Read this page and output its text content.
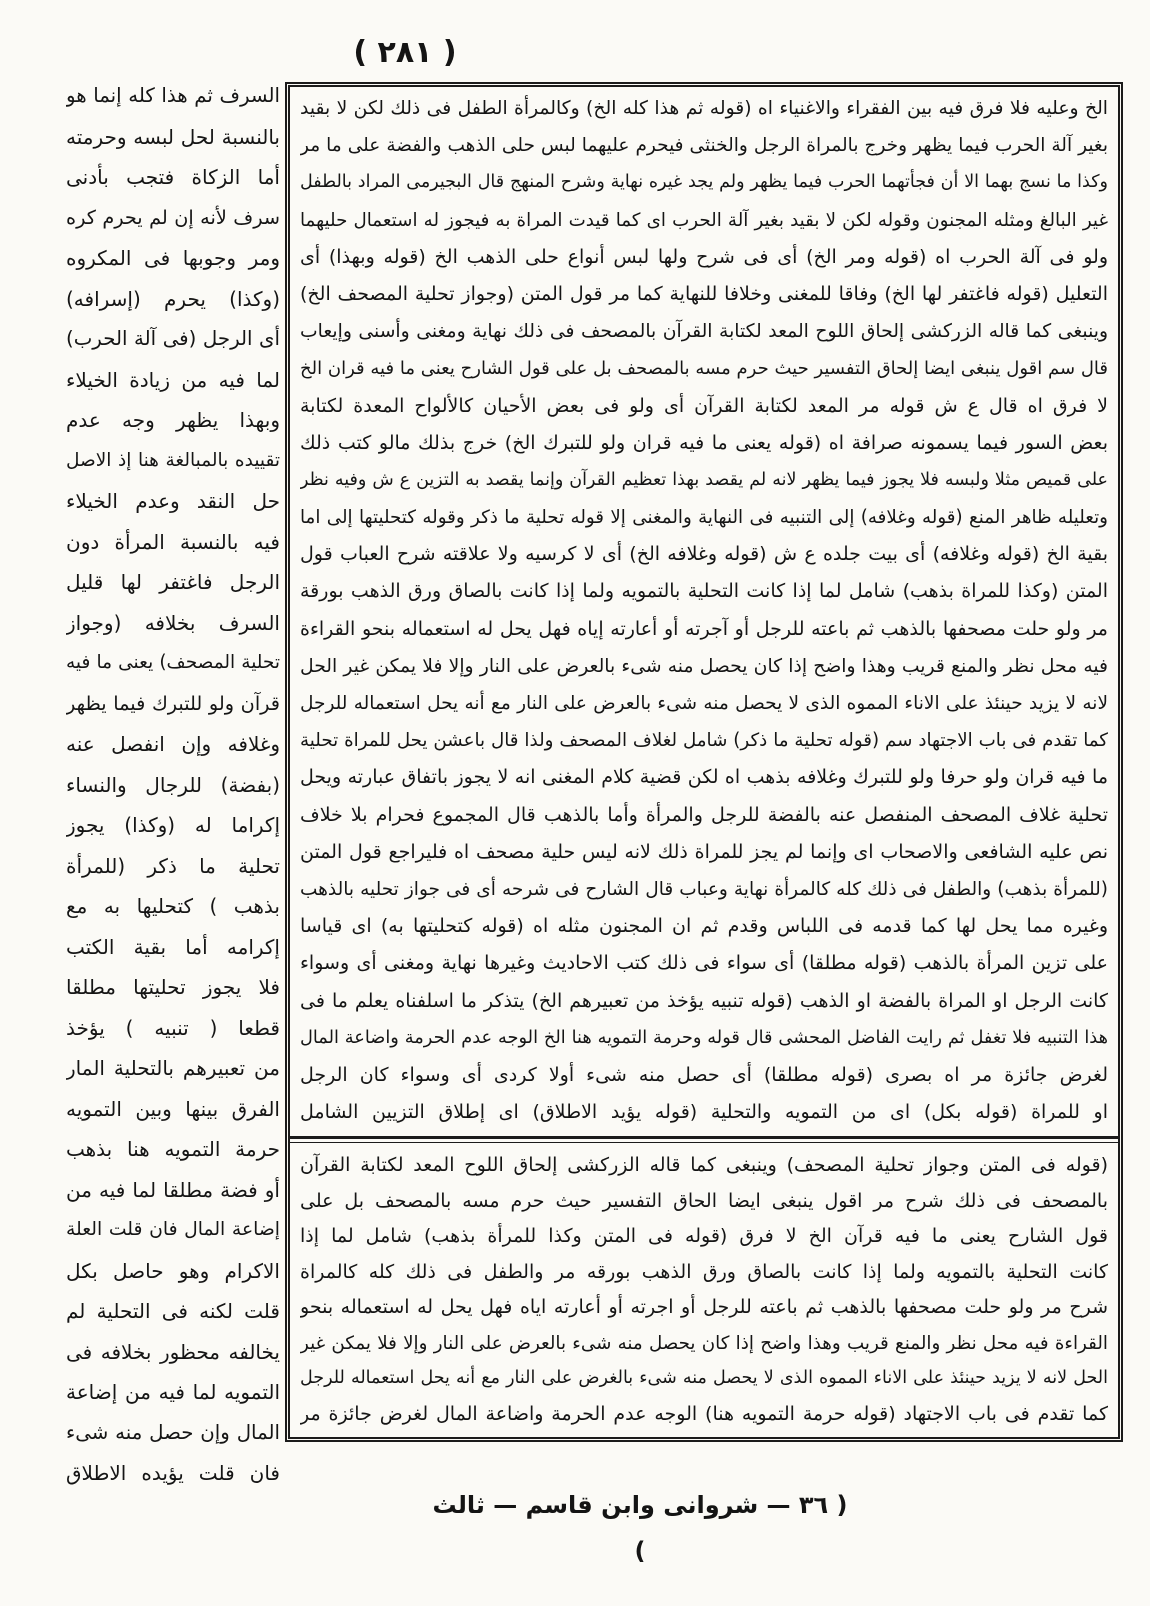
( ٢٨١ )
السرف ثم هذا كله إنما هو
بالنسبة لحل لبسه وحرمته
أما الزكاة فتجب بأدنى
سرف لأنه إن لم يحرم كره
ومر وجوبها فى المكروه
(وكذا) يحرم (إسرافه)
أى الرجل (فى آلة الحرب)
لما فيه من زيادة الخيلاء
وبهذا يظهر وجه عدم
تقييده بالمبالغة هنا إذ الاصل
حل النقد وعدم الخيلاء
فيه بالنسبة المرأة دون
الرجل فاغتفر لها قليل
السرف بخلافه (وجواز
تحلية المصحف) يعنى ما فيه
قرآن ولو للتبرك فيما يظهر
وغلافه وإن انفصل عنه
(بفضة) للرجال والنساء
إكراما له (وكذا) يجوز
تحلية ما ذكر (للمرأة
بذهب ) كتحليها به مع
إكرامه أما بقية الكتب
فلا يجوز تحليتها مطلقا
قطعا ( تنبيه ) يؤخذ
من تعبيرهم بالتحلية المار
الفرق بينها وبين التمويه
حرمة التمويه هنا بذهب
أو فضة مطلقا لما فيه من
إضاعة المال فان قلت العلة
الاكرام وهو حاصل بكل
قلت لكنه فى التحلية لم
يخالفه محظور بخلافه فى
التمويه لما فيه من إضاعة
المال وإن حصل منه شىء
فان قلت يؤيده الاطلاق
الخ وعليه فلا فرق فيه بين الفقراء والاغنياء اه (قوله ثم هذا كله الخ) وكالمرأة الطفل فى ذلك لكن لا بقيد
بغير آلة الحرب فيما يظهر وخرج بالمراة الرجل والخنثى فيحرم عليهما لبس حلى الذهب والفضة على ما مر
وكذا ما نسج بهما الا أن فجأتهما الحرب فيما يظهر ولم يجد غيره نهاية وشرح المنهج قال البجيرمى المراد بالطفل
غير البالغ ومثله المجنون وقوله لكن لا بقيد بغير آلة الحرب اى كما قيدت المراة به فيجوز له استعمال حليهما
ولو فى آلة الحرب اه (قوله ومر الخ) أى فى شرح ولها لبس أنواع حلى الذهب الخ (قوله وبهذا) أى
التعليل (قوله فاغتفر لها الخ) وفاقا للمغنى وخلافا للنهاية كما مر قول المتن (وجواز تحلية المصحف الخ)
وينبغى كما قاله الزركشى إلحاق اللوح المعد لكتابة القرآن بالمصحف فى ذلك نهاية ومغنى وأسنى وإيعاب
قال سم اقول ينبغى ايضا إلحاق التفسير حيث حرم مسه بالمصحف بل على قول الشارح يعنى ما فيه قران الخ
لا فرق اه قال ع ش قوله مر المعد لكتابة القرآن أى ولو فى بعض الأحيان كالألواح المعدة لكتابة
بعض السور فيما يسمونه صرافة اه (قوله يعنى ما فيه قران ولو للتبرك الخ) خرج بذلك مالو كتب ذلك
على قميص مثلا ولبسه فلا يجوز فيما يظهر لانه لم يقصد بهذا تعظيم القرآن وإنما يقصد به التزين ع ش وفيه نظر
وتعليله ظاهر المنع (قوله وغلافه) إلى التنبيه فى النهاية والمغنى إلا قوله تحلية ما ذكر وقوله كتحليتها إلى اما
بقية الخ (قوله وغلافه) أى بيت جلده ع ش (قوله وغلافه الخ) أى لا كرسيه ولا علاقته شرح العباب قول
المتن (وكذا للمراة بذهب) شامل لما إذا كانت التحلية بالتمويه ولما إذا كانت بالصاق ورق الذهب بورقة
مر ولو حلت مصحفها بالذهب ثم باعته للرجل أو آجرته أو أعارته إياه فهل يحل له استعماله بنحو القراءة
فيه محل نظر والمنع قريب وهذا واضح إذا كان يحصل منه شىء بالعرض على النار وإلا فلا يمكن غير الحل
لانه لا يزيد حينئذ على الاناء المموه الذى لا يحصل منه شىء بالعرض على النار مع أنه يحل استعماله للرجل
كما تقدم فى باب الاجتهاد سم (قوله تحلية ما ذكر) شامل لغلاف المصحف ولذا قال باعشن يحل للمراة تحلية
ما فيه قران ولو حرفا ولو للتبرك وغلافه بذهب اه لكن قضية كلام المغنى انه لا يجوز باتفاق عبارته ويحل
تحلية غلاف المصحف المنفصل عنه بالفضة للرجل والمرأة وأما بالذهب قال المجموع فحرام بلا خلاف
نص عليه الشافعى والاصحاب اى وإنما لم يجز للمراة ذلك لانه ليس حلية مصحف اه فليراجع قول المتن
(للمرأة بذهب) والطفل فى ذلك كله كالمرأة نهاية وعباب قال الشارح فى شرحه أى فى جواز تحليه بالذهب
وغيره مما يحل لها كما قدمه فى اللباس وقدم ثم ان المجنون مثله اه (قوله كتحليتها به) اى قياسا
على تزين المرأة بالذهب (قوله مطلقا) أى سواء فى ذلك كتب الاحاديث وغيرها نهاية ومغنى أى وسواء
كانت الرجل او المراة بالفضة او الذهب (قوله تنبيه يؤخذ من تعبيرهم الخ) يتذكر ما اسلفناه يعلم ما فى
هذا التنبيه فلا تغفل ثم رايت الفاضل المحشى قال قوله وحرمة التمويه هنا الخ الوجه عدم الحرمة واضاعة المال
لغرض جائزة مر اه بصرى (قوله مطلقا) أى حصل منه شىء أولا كردى أى وسواء كان الرجل
او للمراة (قوله بكل) اى من التمويه والتحلية (قوله يؤيد الاطلاق) اى إطلاق التزيين الشامل
(قوله فى المتن وجواز تحلية المصحف) وينبغى كما قاله الزركشى إلحاق اللوح المعد لكتابة القرآن
بالمصحف فى ذلك شرح مر اقول ينبغى ايضا الحاق التفسير حيث حرم مسه بالمصحف بل على
قول الشارح يعنى ما فيه قرآن الخ لا فرق (قوله فى المتن وكذا للمرأة بذهب) شامل لما إذا
كانت التحلية بالتمويه ولما إذا كانت بالصاق ورق الذهب بورقه مر والطفل فى ذلك كله كالمراة
شرح مر ولو حلت مصحفها بالذهب ثم باعته للرجل أو اجرته أو أعارته اياه فهل يحل له استعماله بنحو
القراءة فيه محل نظر والمنع قريب وهذا واضح إذا كان يحصل منه شىء بالعرض على النار وإلا فلا يمكن غير
الحل لانه لا يزيد حينئذ على الاناء المموه الذى لا يحصل منه شىء بالغرض على النار مع أنه يحل استعماله للرجل
كما تقدم فى باب الاجتهاد (قوله حرمة التمويه هنا) الوجه عدم الحرمة واضاعة المال لغرض جائزة مر
( ٣٦ — شروانى وابن قاسم — ثالث )
